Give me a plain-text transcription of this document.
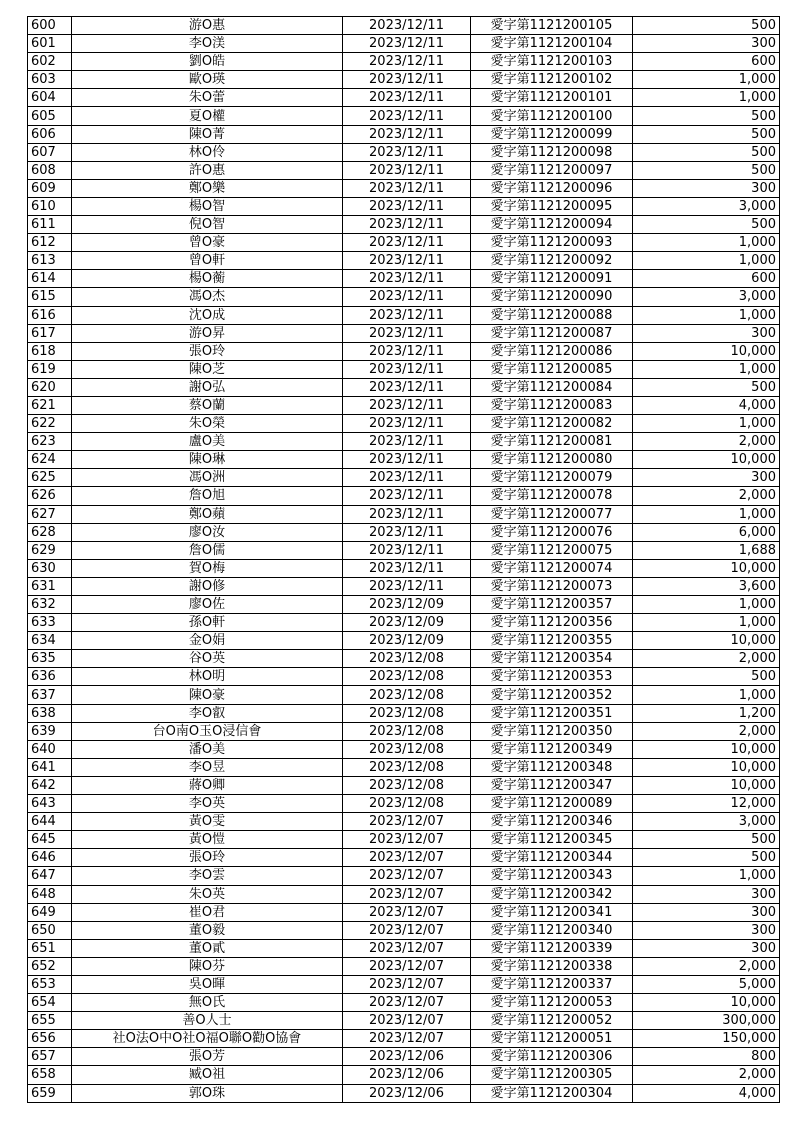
600	游O惠	2023/12/11	愛字第1121200105	500
601	李O渼	2023/12/11	愛字第1121200104	300
602	劉O皓	2023/12/11	愛字第1121200103	600
603	歐O瑛	2023/12/11	愛字第1121200102	1,000
604	朱O蕾	2023/12/11	愛字第1121200101	1,000
605	夏O權	2023/12/11	愛字第1121200100	500
606	陳O菁	2023/12/11	愛字第1121200099	500
607	林O伶	2023/12/11	愛字第1121200098	500
608	許O惠	2023/12/11	愛字第1121200097	500
609	鄭O樂	2023/12/11	愛字第1121200096	300
610	楊O智	2023/12/11	愛字第1121200095	3,000
611	倪O智	2023/12/11	愛字第1121200094	500
612	曾O豪	2023/12/11	愛字第1121200093	1,000
613	曾O軒	2023/12/11	愛字第1121200092	1,000
614	楊O蘅	2023/12/11	愛字第1121200091	600
615	馮O杰	2023/12/11	愛字第1121200090	3,000
616	沈O成	2023/12/11	愛字第1121200088	1,000
617	游O昇	2023/12/11	愛字第1121200087	300
618	張O玲	2023/12/11	愛字第1121200086	10,000
619	陳O芝	2023/12/11	愛字第1121200085	1,000
620	謝O弘	2023/12/11	愛字第1121200084	500
621	蔡O蘭	2023/12/11	愛字第1121200083	4,000
622	朱O榮	2023/12/11	愛字第1121200082	1,000
623	盧O美	2023/12/11	愛字第1121200081	2,000
624	陳O琳	2023/12/11	愛字第1121200080	10,000
625	馮O洲	2023/12/11	愛字第1121200079	300
626	詹O旭	2023/12/11	愛字第1121200078	2,000
627	鄭O蘋	2023/12/11	愛字第1121200077	1,000
628	廖O汝	2023/12/11	愛字第1121200076	6,000
629	詹O儒	2023/12/11	愛字第1121200075	1,688
630	賀O梅	2023/12/11	愛字第1121200074	10,000
631	謝O修	2023/12/11	愛字第1121200073	3,600
632	廖O佐	2023/12/09	愛字第1121200357	1,000
633	孫O軒	2023/12/09	愛字第1121200356	1,000
634	金O娟	2023/12/09	愛字第1121200355	10,000
635	谷O英	2023/12/08	愛字第1121200354	2,000
636	林O明	2023/12/08	愛字第1121200353	500
637	陳O豪	2023/12/08	愛字第1121200352	1,000
638	李O叡	2023/12/08	愛字第1121200351	1,200
639	台O南O玉O浸信會	2023/12/08	愛字第1121200350	2,000
640	潘O美	2023/12/08	愛字第1121200349	10,000
641	李O昱	2023/12/08	愛字第1121200348	10,000
642	蔣O卿	2023/12/08	愛字第1121200347	10,000
643	李O英	2023/12/08	愛字第1121200089	12,000
644	黃O雯	2023/12/07	愛字第1121200346	3,000
645	黃O愷	2023/12/07	愛字第1121200345	500
646	張O玲	2023/12/07	愛字第1121200344	500
647	李O雲	2023/12/07	愛字第1121200343	1,000
648	朱O英	2023/12/07	愛字第1121200342	300
649	崔O君	2023/12/07	愛字第1121200341	300
650	董O毅	2023/12/07	愛字第1121200340	300
651	董O貳	2023/12/07	愛字第1121200339	300
652	陳O芬	2023/12/07	愛字第1121200338	2,000
653	吳O暉	2023/12/07	愛字第1121200337	5,000
654	無O氏	2023/12/07	愛字第1121200053	10,000
655	善O人士	2023/12/07	愛字第1121200052	300,000
656	社O法O中O社O福O聯O勸O協會	2023/12/07	愛字第1121200051	150,000
657	張O芳	2023/12/06	愛字第1121200306	800
658	臧O祖	2023/12/06	愛字第1121200305	2,000
659	郭O珠	2023/12/06	愛字第1121200304	4,000
